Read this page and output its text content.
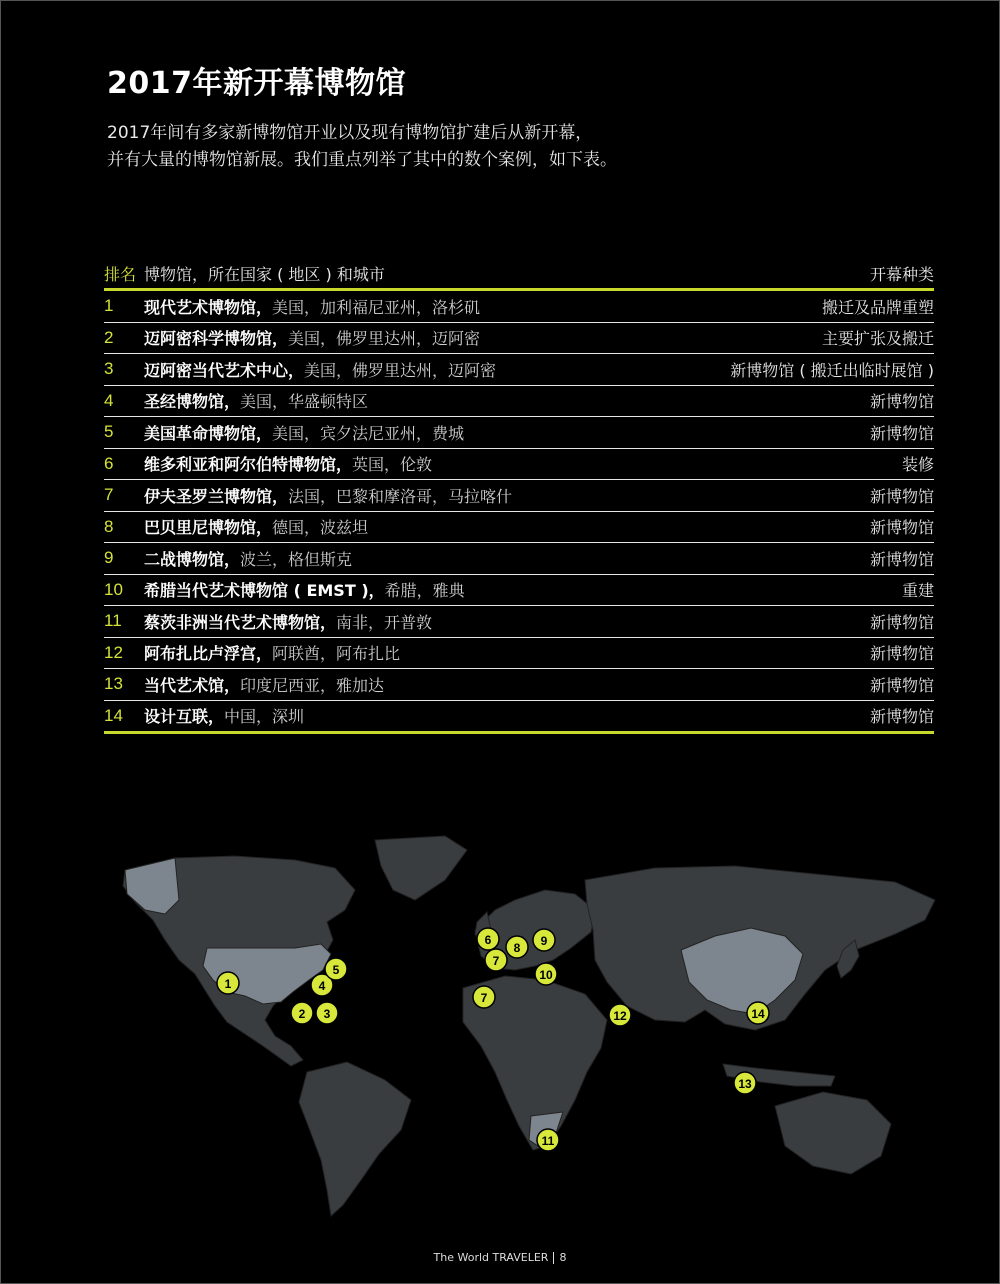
2017年新开幕博物馆
2017年间有多家新博物馆开业以及现有博物馆扩建后从新开幕，
并有大量的博物馆新展。我们重点列举了其中的数个案例，如下表。
排名 博物馆，所在国家 ( 地区 ) 和城市	开幕种类
1	现代艺术博物馆，美国，加利福尼亚州，洛杉矶	搬迁及品牌重塑
2	迈阿密科学博物馆，美国，佛罗里达州，迈阿密	主要扩张及搬迁
3	迈阿密当代艺术中心，美国，佛罗里达州，迈阿密	新博物馆 ( 搬迁出临时展馆 )
4	圣经博物馆，美国，华盛顿特区	新博物馆
5	美国革命博物馆，美国，宾夕法尼亚州，费城	新博物馆
6	维多利亚和阿尔伯特博物馆，英国，伦敦	装修
7	伊夫圣罗兰博物馆，法国，巴黎和摩洛哥，马拉喀什	新博物馆
8	巴贝里尼博物馆，德国，波兹坦	新博物馆
9	二战博物馆，波兰，格但斯克	新博物馆
10	希腊当代艺术博物馆 ( EMST )，希腊，雅典	重建
11	蔡茨非洲当代艺术博物馆，南非，开普敦	新博物馆
12	阿布扎比卢浮宫，阿联酋，阿布扎比	新博物馆
13	当代艺术馆，印度尼西亚，雅加达	新博物馆
14	设计互联，中国，深圳	新博物馆
1
2 3
4
5
6
7
7
8 9
10
11
12
13
14
The World TRAVELER 8
